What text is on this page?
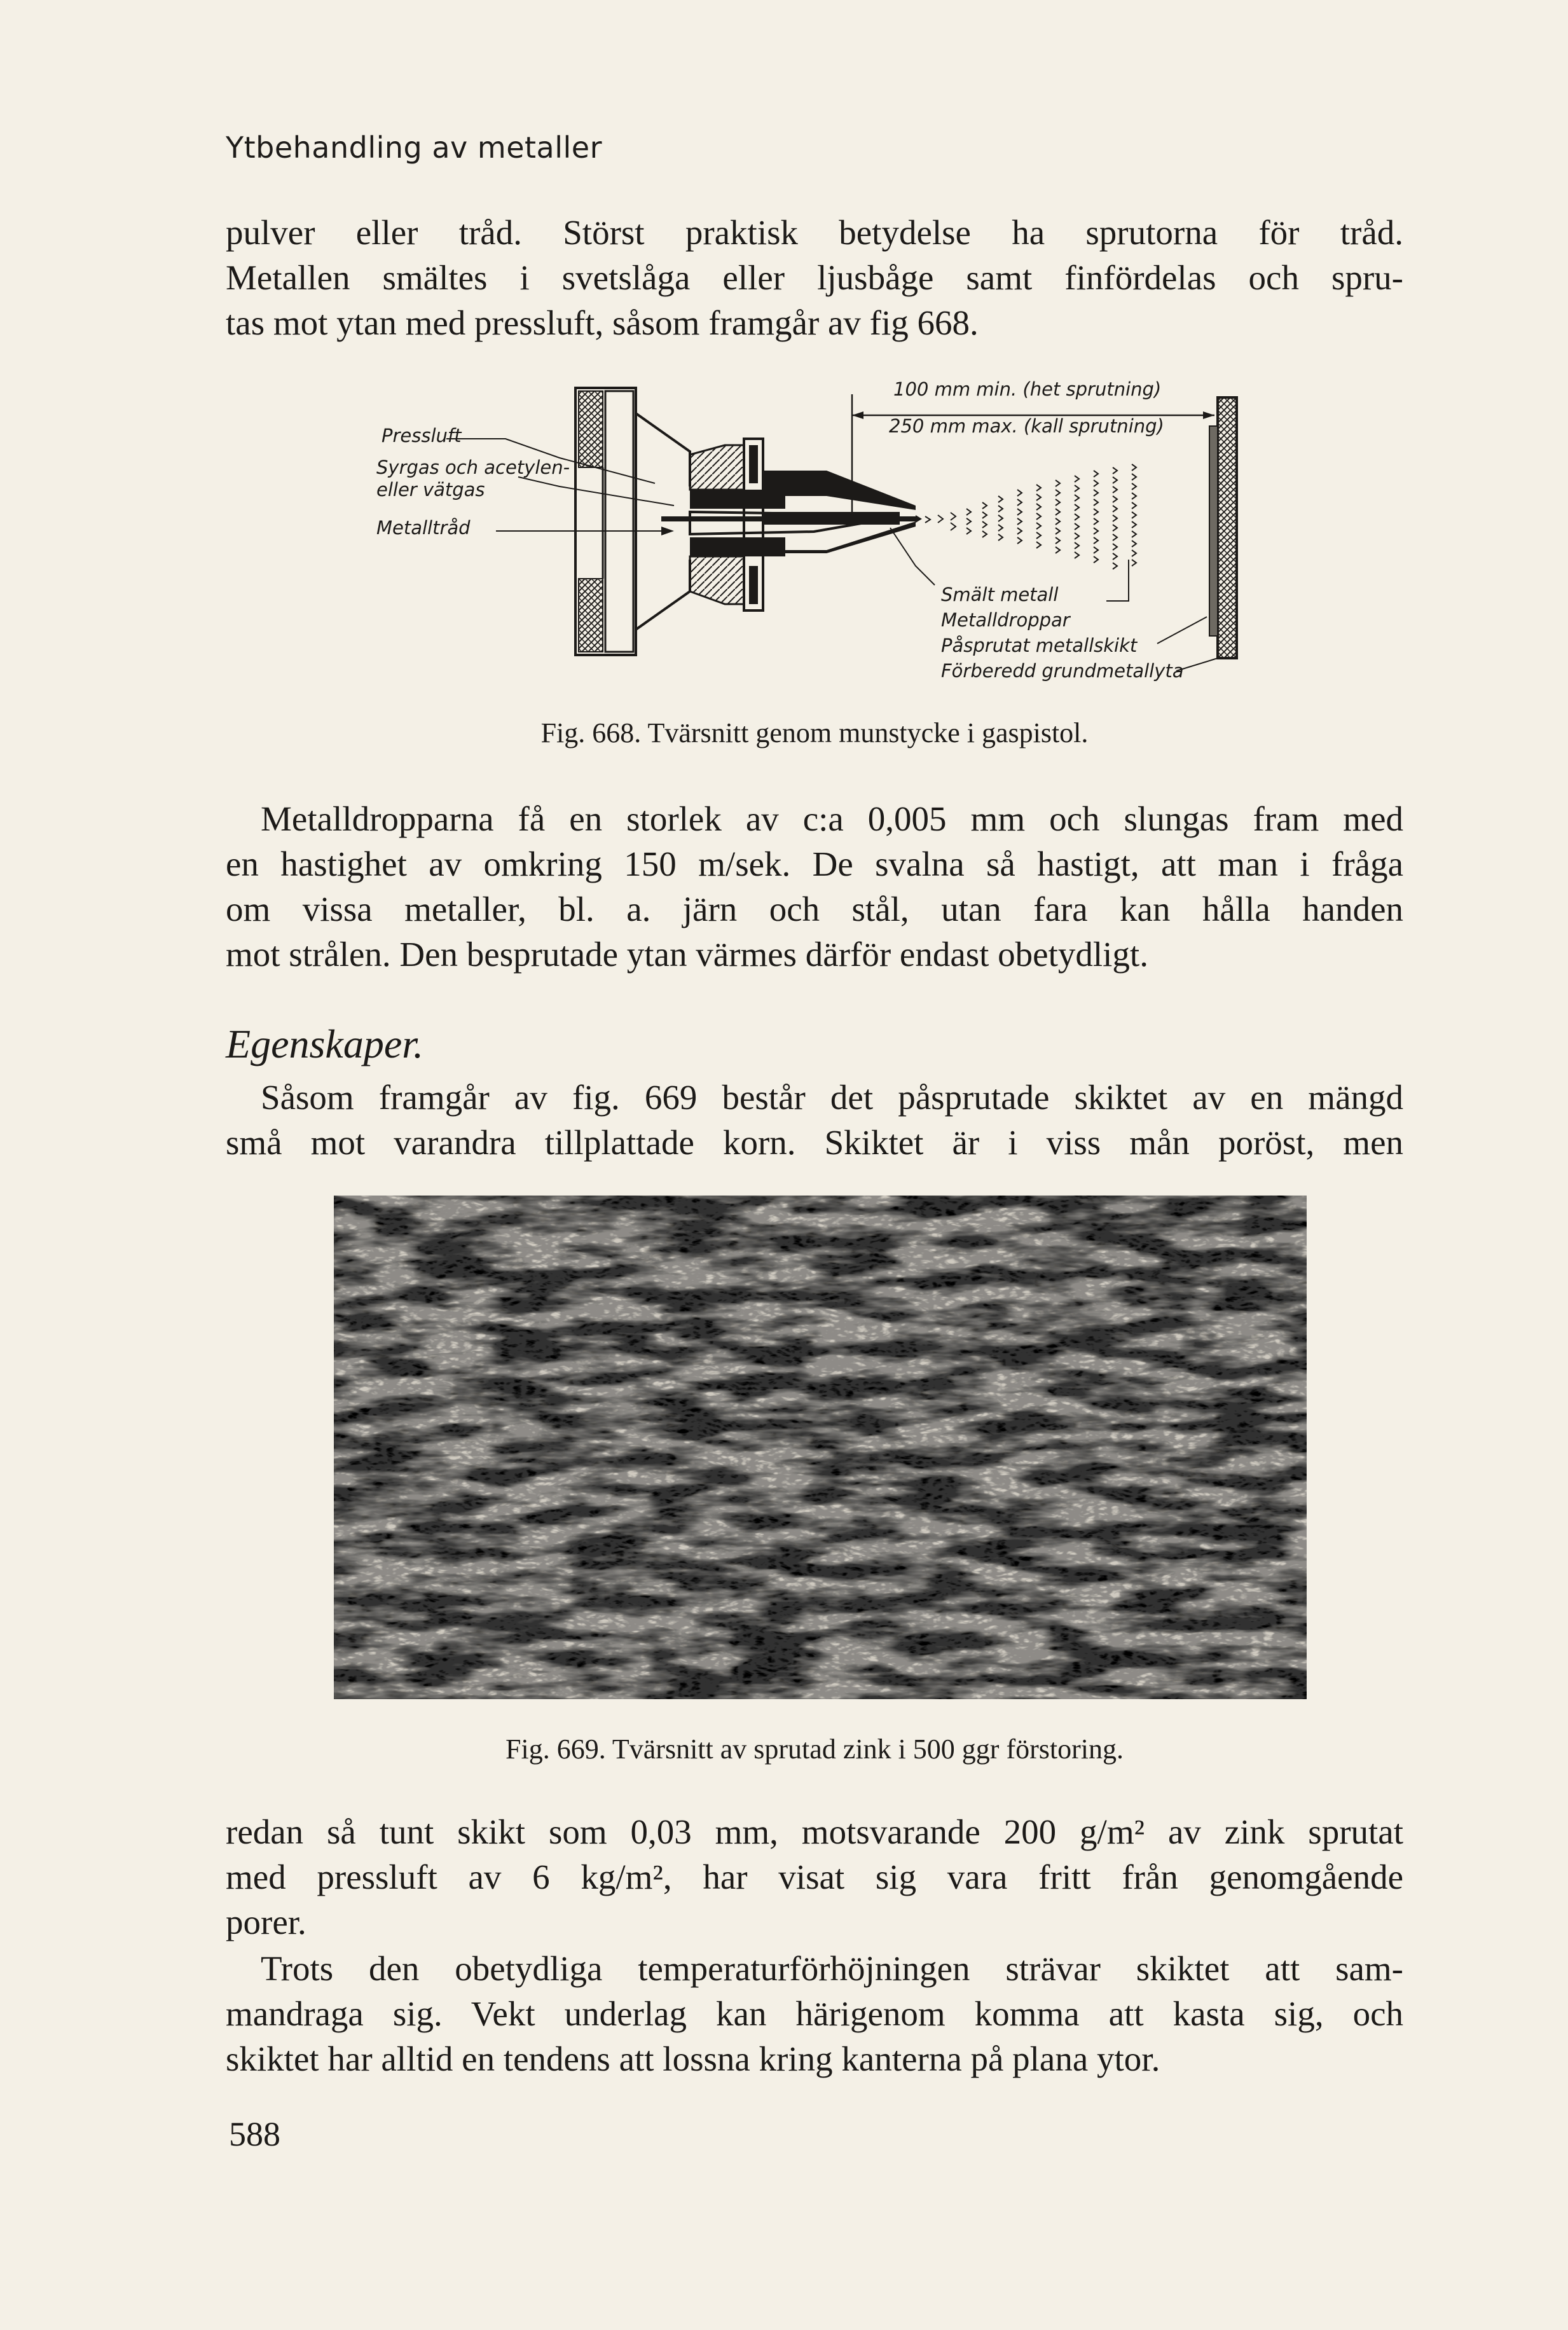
Ytbehandling av metaller
pulver eller tråd. Störst praktisk betydelse ha sprutorna för tråd.
Metallen smältes i svetslåga eller ljusbåge samt finfördelas och spru-
tas mot ytan med pressluft, såsom framgår av fig 668.
Pressluft
Syrgas och acetylen-
eller vätgas
Metalltråd
100 mm min. (het sprutning)
250 mm max. (kall sprutning)
Smält metall
Metalldroppar
Påsprutat metallskikt
Förberedd grundmetallyta
Fig. 668. Tvärsnitt genom munstycke i gaspistol.
Metalldropparna få en storlek av c:a 0,005 mm och slungas fram med
en hastighet av omkring 150 m/sek. De svalna så hastigt, att man i fråga
om vissa metaller, bl. a. järn och stål, utan fara kan hålla handen
mot strålen. Den besprutade ytan värmes därför endast obetydligt.
Egenskaper.
Såsom framgår av fig. 669 består det påsprutade skiktet av en mängd
små mot varandra tillplattade korn. Skiktet är i viss mån poröst, men
Fig. 669. Tvärsnitt av sprutad zink i 500 ggr förstoring.
redan så tunt skikt som 0,03 mm, motsvarande 200 g/m² av zink sprutat
med pressluft av 6 kg/m², har visat sig vara fritt från genomgående
porer.
Trots den obetydliga temperaturförhöjningen strävar skiktet att sam-
mandraga sig. Vekt underlag kan härigenom komma att kasta sig, och
skiktet har alltid en tendens att lossna kring kanterna på plana ytor.
588
